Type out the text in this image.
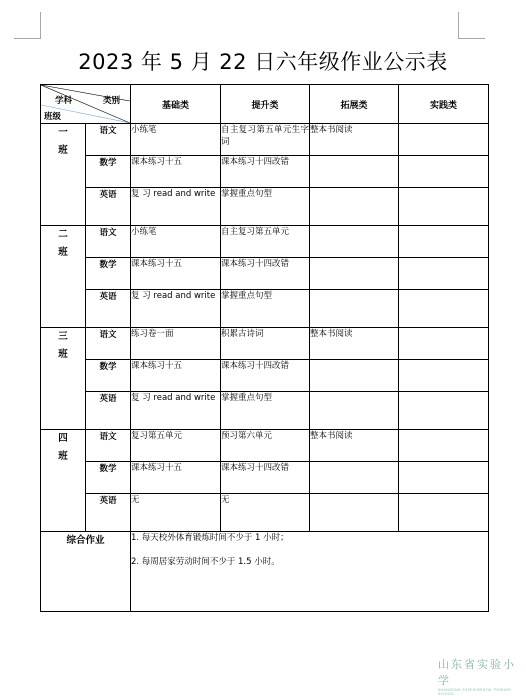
2023 年 5 月 22 日六年级作业公示表
学科 类别
班级		基础类	提升类	拓展类	实践类

一
班	语文	小练笔	自主复习第五单元生字词	整本书阅读	
	数学	课本练习十五	课本练习十四改错		
	英语	复 习 read and write	掌握重点句型		

二
班	语文	小练笔	自主复习第五单元		
	数学	课本练习十五	课本练习十四改错		
	英语	复 习 read and write	掌握重点句型		

三
班	语文	练习卷一面	积累古诗词	整本书阅读	
	数学	课本练习十五	课本练习十四改错		
	英语	复 习 read and write	掌握重点句型		

四
班	语文	复习第五单元	预习第六单元	整本书阅读	
	数学	课本练习十五	课本练习十四改错		
	英语	无	无		
综合作业		1. 每天校外体育锻炼时间不少于 1 小时；

2. 每周居家劳动时间不少于 1.5 小时。			

山东省实验小学
SHANDONG EXPERIMENTAL PRIMARY SCHOOL
